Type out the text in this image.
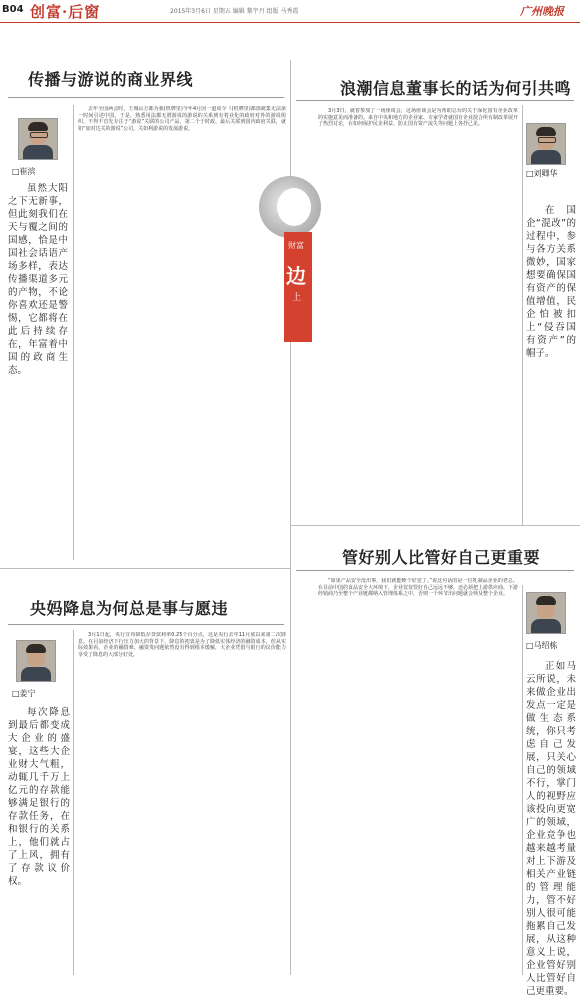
B04 创富·后窗	2015年3月6日 星期五 编辑 黎宇丹 组版 马秀霞	广州晚报
传播与游说的商业界线
□崔滨
虽然大阳之下无新事，但此刻我们在天与覆之间的国感，恰是中国社会话语产场多样，表达传播渠道多元的产物，不论你喜欢还是警惕，它都将在此后持续存在，年富着中国的政商生态。

去年全国两会时，王城山方都为我(机牌里)今年4月因一道该令《(机牌里)都部就集无法第一时间引述中国，于是，熟悉用法都无谓游说的游说的关系到有着业化的政府对外的游说组织，不得不首先专注于“游说”关联的公司产品，第二个于时政，最后关联到国内政府关联，就如“加对达关的游说”公司，关如利游说的发展游说。

央妈降息为何总是事与愿违
□姜宁
每次降息到最后都变成大企业的盛宴，这些大企业财大气粗，动辄几千万上亿元的存款能够满足银行的存款任务，在和银行的关系上，他们就占了上风，拥有了存款议价权。

3月1日起，央行宣布降低存贷款利率0.25个百分点，这是央行去年11月底以来第二次降息。在目前经济下行压力加大的背景下，降息的初衷是为了降低实体经济的融资成本，但从实际效果看，企业的融资难、融资贵问题依然没有得到根本缓解，大企业凭借与银行的议价能力享受了降息的大部分好处。

财富
边
上
浪潮信息董事长的话为何引共鸣
□刘卿华
在国企“混改”的过程中，参与各方关系微妙，国家想要确保国有资产的保值增值，民企怕被扣上“侵吞国有资产”的帽子。

3月3日，就着参加了一场座谈会，这场座谈会是为帮助总台的关于深化国有企业改革的实施意见而准备的。来自中央和地方的企业家、专家学者就国有企业混合所有制改革展开了热烈讨论，在如何保护民企利益、防止国有资产流失等问题上各抒己见。

管好别人比管好自己更重要
□马绍栋
正如马云所说，未来做企业出发点一定是做生态系统，你只考虑自己发展，只关心自己的领域不行，掌门人的视野应该投向更宽广的领域，企业竞争也越来越考量对上下游及相关产业链的管理能力，管不好别人很可能拖累自己发展，从这种意义上说，企业管好别人比管好自己更重要。

“如果产品安全没出事，我们就能睡个好觉了。”说这句话的是一位乳制品企业的老总。在目前中国的食品安全大环境下，企业仅仅管好自己远远不够，还必须把上游供应商、下游经销商乃至整个产业链都纳入管理体系之中，否则一个环节出问题就会殃及整个企业。
